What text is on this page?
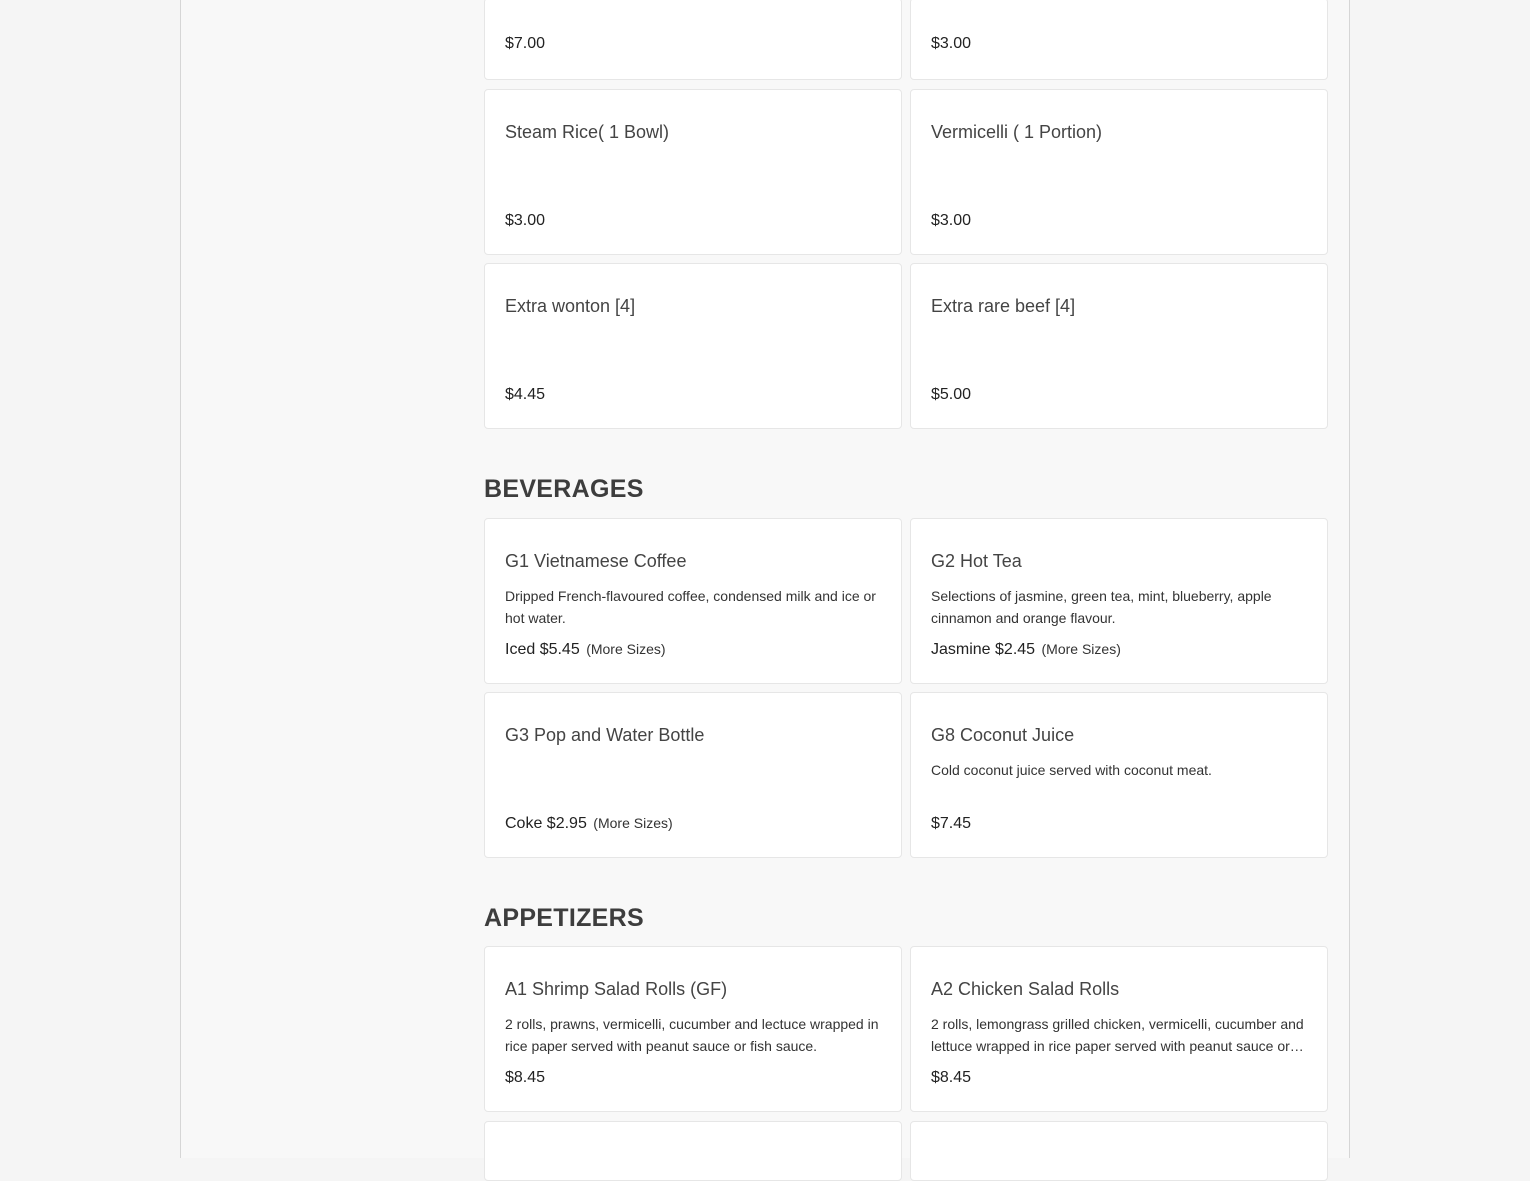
$7.00	$3.00
Steam Rice( 1 Bowl)
$3.00
Vermicelli ( 1 Portion)
$3.00
Extra wonton [4]
$4.45
Extra rare beef [4]
$5.00
BEVERAGES
G1 Vietnamese Coffee
Dripped French-flavoured coffee, condensed milk and ice or hot water.
Iced $5.45 (More Sizes)
G2 Hot Tea
Selections of jasmine, green tea, mint, blueberry, apple cinnamon and orange flavour.
Jasmine $2.45 (More Sizes)
G3 Pop and Water Bottle
Coke $2.95 (More Sizes)
G8 Coconut Juice
Cold coconut juice served with coconut meat.
$7.45
APPETIZERS
A1 Shrimp Salad Rolls (GF)
2 rolls, prawns, vermicelli, cucumber and lectuce wrapped in rice paper served with peanut sauce or fish sauce.
$8.45
A2 Chicken Salad Rolls
2 rolls, lemongrass grilled chicken, vermicelli, cucumber and lettuce wrapped in rice paper served with peanut sauce or
$8.45
